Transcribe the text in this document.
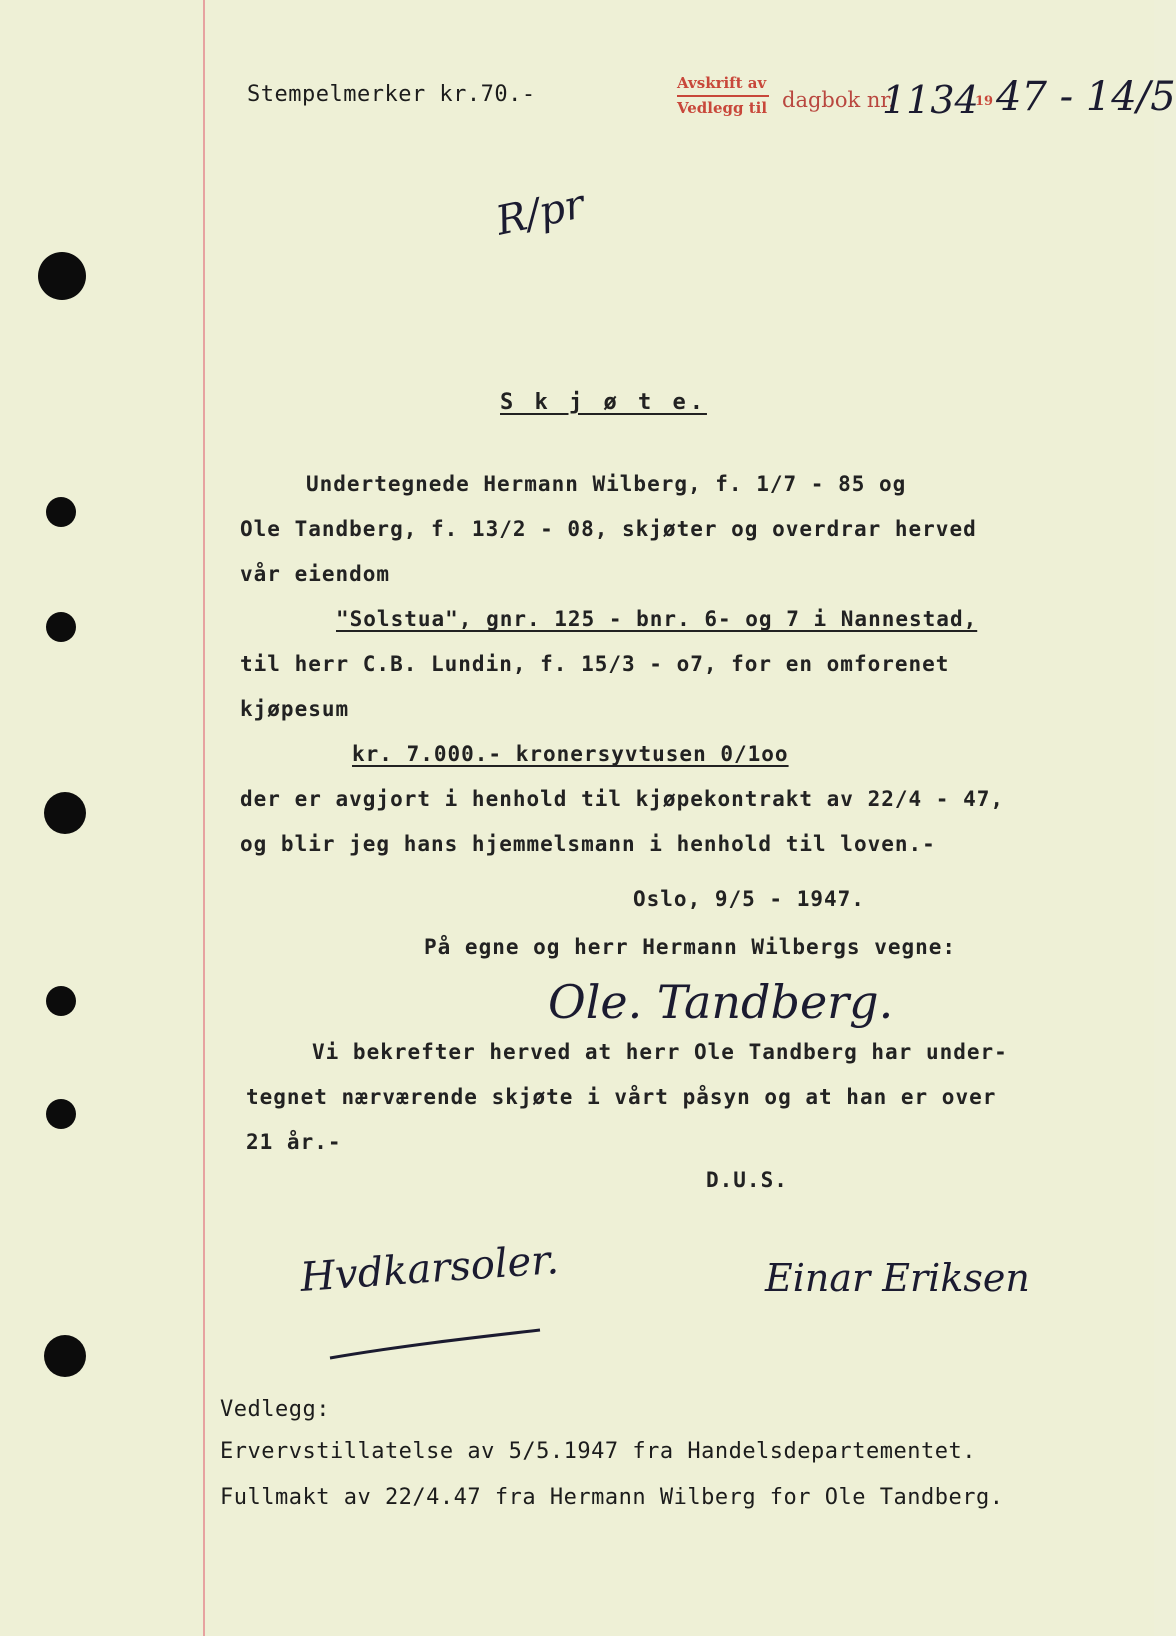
Stempelmerker kr.70.-	Avskrift av
Vedlegg til dagbok nr.
1134
19 47 - 14/5
R/pr
S k j ø t e.
Undertegnede Hermann Wilberg, f. 1/7 - 85 og
Ole Tandberg, f. 13/2 - 08, skjøter og overdrar herved
vår eiendom
"Solstua", gnr. 125 - bnr. 6- og 7 i Nannestad,
til herr C.B. Lundin, f. 15/3 - o7, for en omforenet
kjøpesum
kr. 7.000.- kronersyvtusen 0/1oo
der er avgjort i henhold til kjøpekontrakt av 22/4 - 47,
og blir jeg hans hjemmelsmann i henhold til loven.-
Oslo, 9/5 - 1947.
På egne og herr Hermann Wilbergs vegne:
Ole. Tandberg.
Vi bekrefter herved at herr Ole Tandberg har under-
tegnet nærværende skjøte i vårt påsyn og at han er over
21 år.-
D.U.S.
Hvdkarsoler.	Einar Eriksen
Vedlegg:
Ervervstillatelse av 5/5.1947 fra Handelsdepartementet.
Fullmakt av 22/4.47 fra Hermann Wilberg for Ole Tandberg.
